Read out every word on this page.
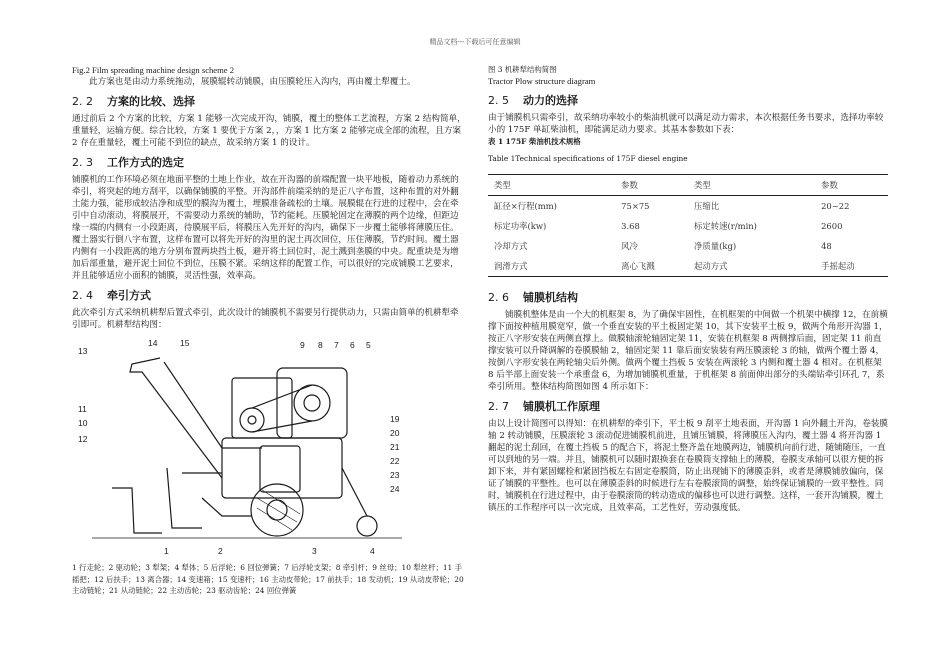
精品文档---下载后可任意编辑

Fig.2 Film spreading machine design scheme 2

此方案也是由动力系统拖动，展膜辊转动铺膜，由压膜轮压入沟内，再由覆土犁覆土。

2. 2 方案的比较、选择

通过前后 2 个方案的比较，方案 1 能够一次完成开沟，铺膜，覆土的整体工艺流程，方案 2 结构简单，重量轻，运输方便。综合比较，方案 1 要优于方案 2，，方案 1 比方案 2 能够完成全部的流程，且方案 2 存在重量轻，覆土可能不到位的缺点，故采纳方案 1 的设计。

2. 3 工作方式的选定

铺膜机的工作环境必须在地面平整的土地上作业，故在开沟器的前端配置一块平地板，随着动力系统的牵引，将突起的地方刮平，以确保铺膜的平整。开沟部件前端采纳的是正八字布置，这种布置的对外翻土能力强，能形成较洁净和成型的膜沟为覆土，埋膜准备疏松的土壤。展膜辊在行进的过程中，会在牵引中自动滚动，将膜展开，不需要动力系统的辅助，节约能耗。压膜轮固定在薄膜的两个边缘，但距边缘一端的内侧有一小段距离，待膜展平后，将膜压入先开好的沟内，确保下一步覆土能够将薄膜压住。覆土器实行倒八字布置，这样布置可以将先开好的沟里的泥土再次回位，压住薄膜，节约时间。覆土器内侧有一小段距离的地方分别布置两块挡土板，避开将土回位时，泥土溅到垄膜的中央。配重块是为增加后部重量，避开泥土回位不到位，压膜不紧。采纳这样的配置工作，可以很好的完成铺膜工艺要求，并且能够适应小面积的铺膜，灵活性强，效率高。

2. 4 牵引方式

此次牵引方式采纳机耕犁后置式牵引，此次设计的铺膜机不需要另行提供动力，只需由简单的机耕犁牵引即可。机耕犁结构图：

13
14	15	9 8 7 6 5
11
10
12
19
20
21
22
23
24
1	2	3	4

1 行走轮；2 驱动轮；3 犁架；4 犁体；5 后浮轮；6 回位弹簧；7 后浮轮支架；8 牵引杆；9 丝母；10 犁丝杆；11 手摇把；12 后扶手；13 离合器；14 变速箱；15 变速杆；16 主动皮带轮；17 前扶手；18 发动机；19 从动皮带轮；20 主动链轮；21 从动链轮；22 主动齿轮；23 驱动齿轮；24 回位弹簧

图 3 机耕犁结构简图

Tractor Plow structure diagram

2. 5 动力的选择

由于铺膜机只需牵引，故采纳功率较小的柴油机就可以满足动力需求，本次根据任务书要求，选择功率较小的 175F 单缸柴油机，即能满足动力要求。其基本参数如下表：

表 1 175F 柴油机技术规格

Table 1Technical specifications of 175F diesel engine

类型	参数	类型	参数
缸径×行程(mm)	75×75	压缩比	20~22
标定功率(kw)	3.68	标定转速(r/min)	2600
冷却方式	风冷	净质量(kg)	48
润滑方式	离心飞溅	起动方式	手摇起动
2. 6 铺膜机结构

铺膜机整体是由一个大的机框架 8，为了确保牢固性，在机框架的中间做一个机架中横撑 12，在前横撑下面按种植用膜宽窄，做一个垂直安装的平土板固定架 10，其下安装平土板 9，做两个角形开沟器 1，按正八字形安装在两侧直撑上。做膜轴滚轮轴固定架 11，安装在机框架 8 两侧撑后面，固定架 11 前直撑安装可以升降调解的卷膜膜轴 2，轴固定架 11 靠后面安装装有两压膜滚轮 3 的轴，做两个覆土器 4，按倒八字形安装在两轮轴尖后外侧。做两个覆土挡板 5 安装在两滚轮 3 内侧和覆土器 4 相对。在机框架 8 后半部上面安装一个承重盘 6，为增加铺膜机重量，于机框架 8 前面伸出部分的头端钻牵引环孔 7，系牵引所用。整体结构简图如图 4 所示如下：

2. 7 铺膜机工作原理

由以上设计简图可以得知：在机耕犁的牵引下，平土板 9 刮平土地表面，开沟器 1 向外翻土开沟，卷装膜轴 2 转动铺膜，压膜滚轮 3 滚动促进铺膜机前进，且铺压铺膜，将薄膜压入沟内，覆土器 4 将开沟器 1 翻起的泥土刮回，在覆土挡板 5 的配合下，将泥土整齐盖在地膜两边，铺膜机向前行进，随铺随压，一直可以到地的另一端。并且，铺膜机可以随时跟换套在卷膜筒支撑轴上的薄膜，卷膜支承轴可以很方便的拆卸下来，并有紧固螺栓和紧固挡板左右固定卷膜筒，防止出现铺下的薄膜歪斜，或者是薄膜铺放偏向，保证了铺膜的平整性。也可以在薄膜歪斜的时候进行左右卷膜滚筒的调整，始终保证铺膜的一致平整性。同时，铺膜机在行进过程中，由于卷膜滚筒的转动造成的偏移也可以进行调整。这样，一套开沟铺膜，覆土镇压的工作程序可以一次完成，且效率高，工艺性好，劳动强度低。
